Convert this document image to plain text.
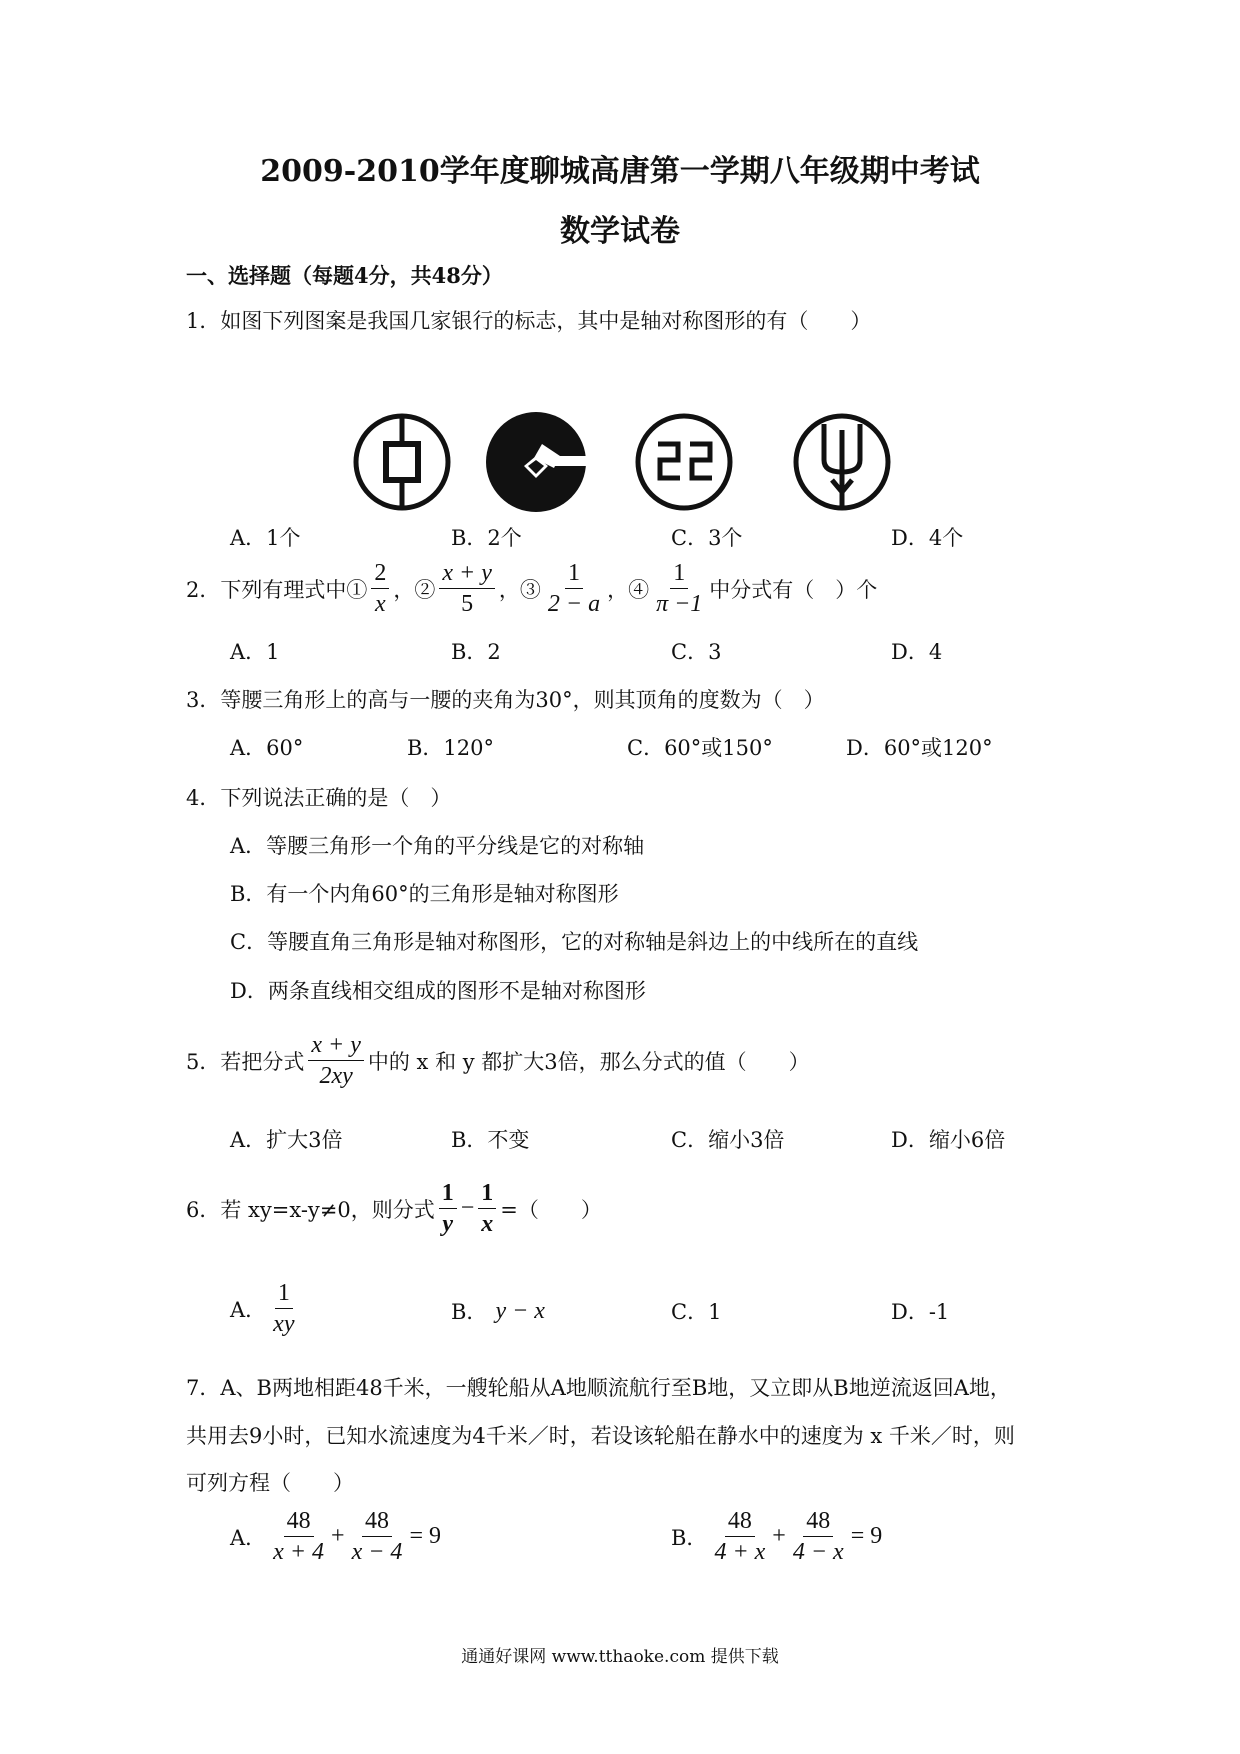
2009-2010学年度聊城高唐第一学期八年级期中考试
数学试卷
一、选择题（每题4分，共48分）
1．如图下列图案是我国几家银行的标志，其中是轴对称图形的有（　　）
A．1个	B．2个	C．3个	D．4个
2．下列有理式中① $\frac{2}{x}$ ，② $\frac{x + y}{5}$ ，③ $\frac{1}{2 - a}$ ，④ $\frac{1}{\pi -1}$ 中分式有（　）个
A．1	B．2	C．3	D．4
3．等腰三角形上的高与一腰的夹角为30°，则其顶角的度数为（　）
A．60°	B．120°	C．60°或150°	D．60°或120°
4．下列说法正确的是（　）
A．等腰三角形一个角的平分线是它的对称轴
B．有一个内角60°的三角形是轴对称图形
C．等腰直角三角形是轴对称图形，它的对称轴是斜边上的中线所在的直线
D．两条直线相交组成的图形不是轴对称图形
5．若把分式 $\frac{x + y}{2xy}$ 中的 x 和 y 都扩大3倍，那么分式的值（　　）
A．扩大3倍	B．不变	C．缩小3倍	D．缩小6倍
6．若 xy=x-y≠0，则分式 $\frac{1}{y} - \frac{1}{x}$ =（　　）
A． $\frac{1}{xy}$	B． y − x	C．1	D．-1
7．A、B两地相距48千米，一艘轮船从A地顺流航行至B地，又立即从B地逆流返回A地，
共用去9小时，已知水流速度为4千米／时，若设该轮船在静水中的速度为 x 千米／时，则
可列方程（　　）
A． $\frac{48}{x + 4} + \frac{48}{x - 4} = 9$	B． $\frac{48}{4 + x} + \frac{48}{4 - x} = 9$
通通好课网 www.tthaoke.com 提供下载
